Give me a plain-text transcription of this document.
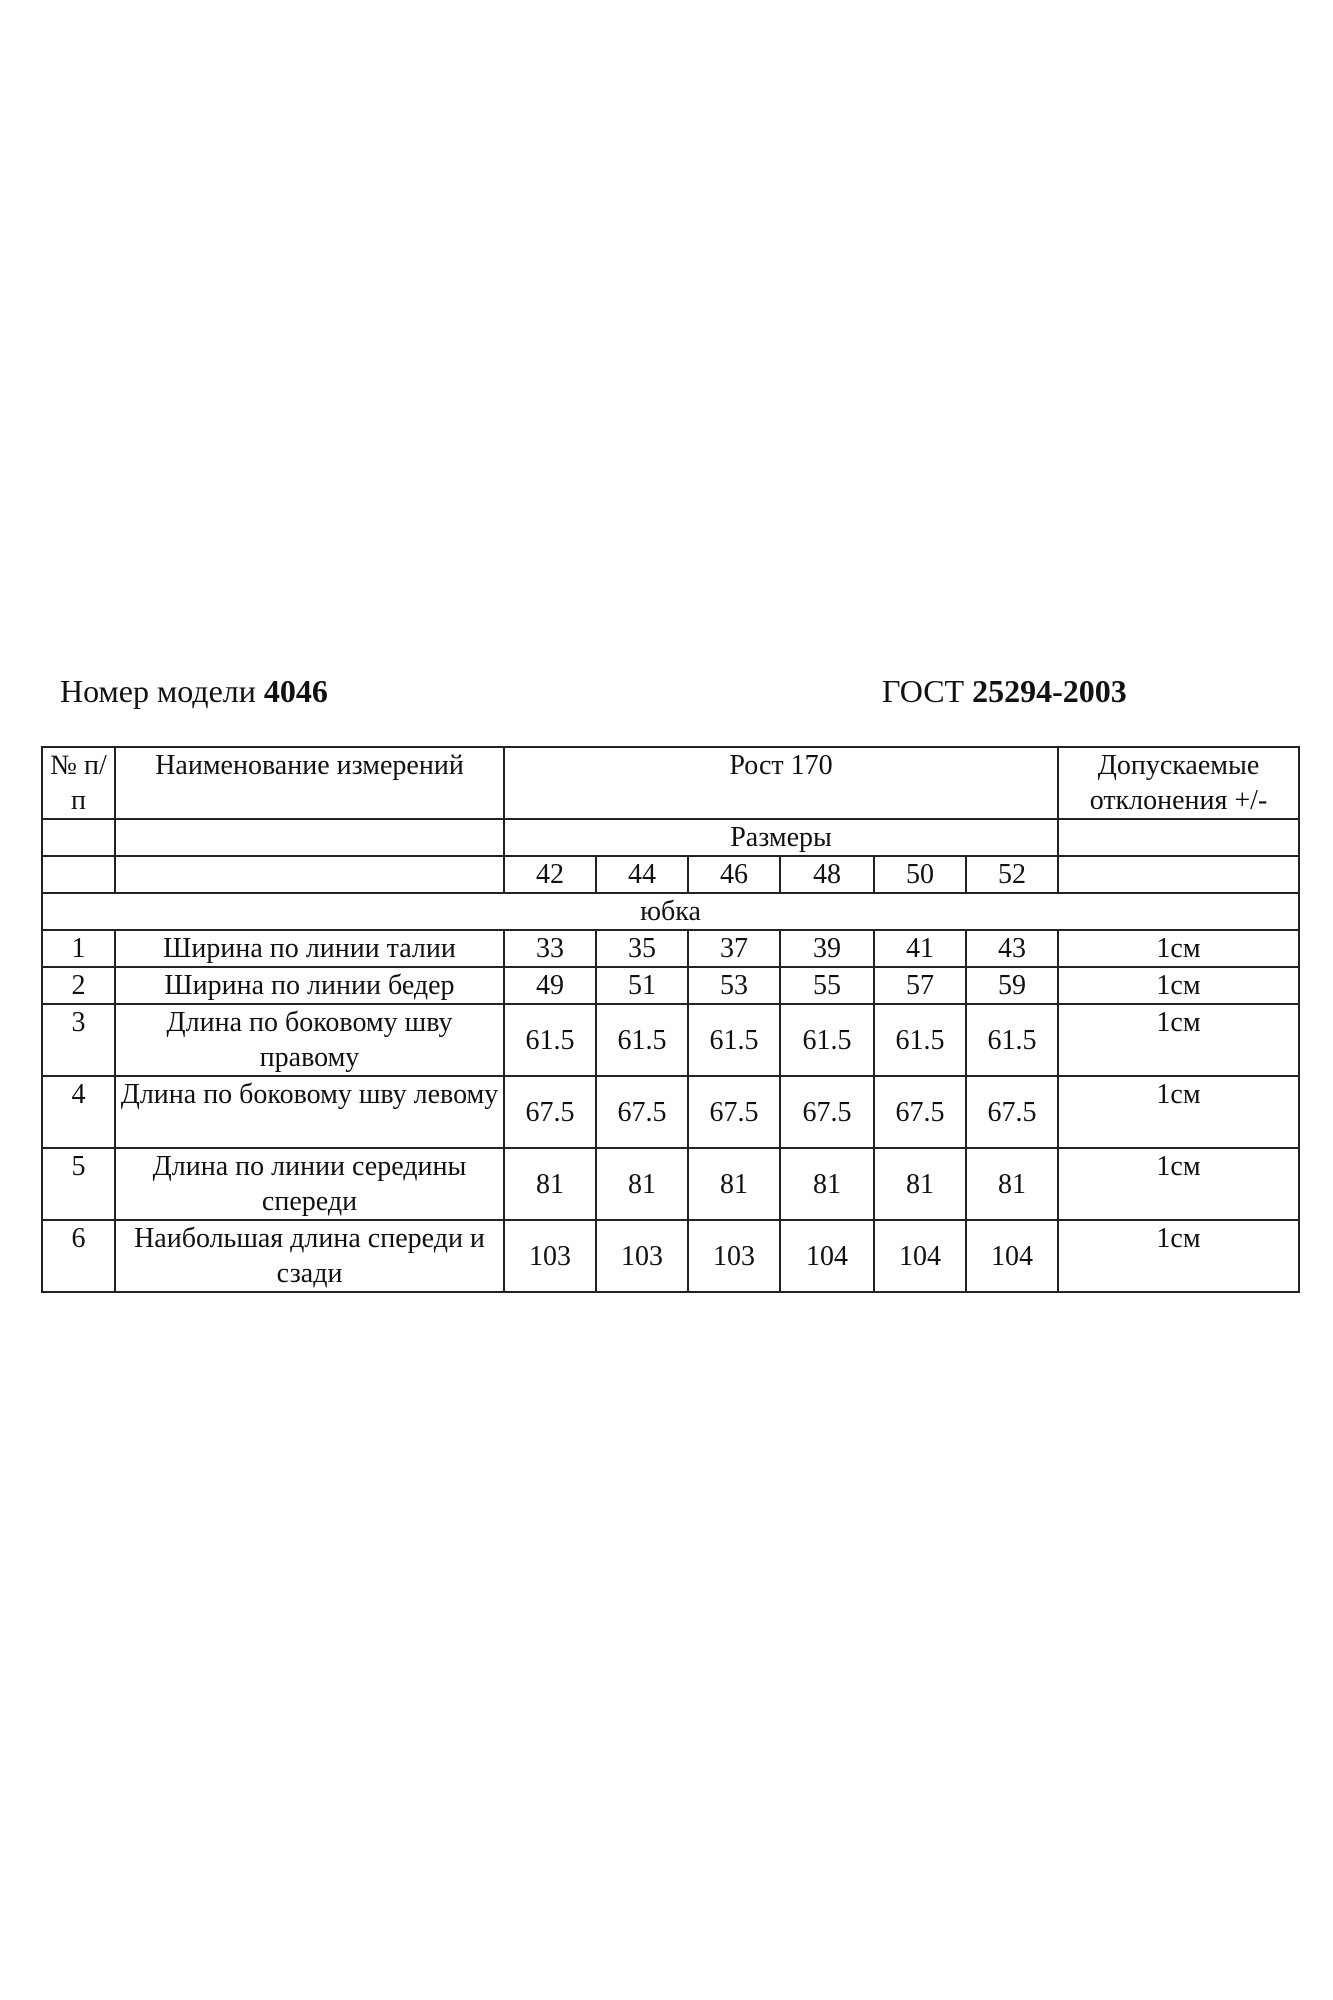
Номер модели 4046	ГОСТ 25294-2003
№ п/п	Наименование измерений	Рост 170						Допускаемые отклонения +/-
		Размеры						
		42	44	46	48	50	52	
юбка								
1	Ширина по линии талии	33	35	37	39	41	43	1см
2	Ширина по линии бедер	49	51	53	55	57	59	1см
3	Длина по боковому шву правому	61.5	61.5	61.5	61.5	61.5	61.5	1см
4	Длина по боковому шву левому	67.5	67.5	67.5	67.5	67.5	67.5	1см
5	Длина по линии середины спереди	81	81	81	81	81	81	1см
6	Наибольшая длина спереди и сзади	103	103	103	104	104	104	1см
